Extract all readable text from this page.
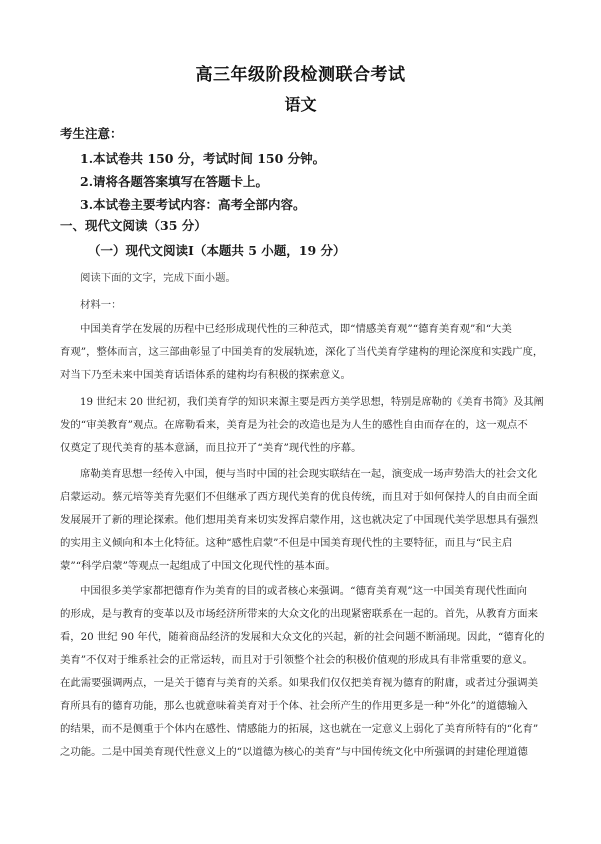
高三年级阶段检测联合考试
语文
考生注意：
1.本试卷共 150 分，考试时间 150 分钟。
2.请将各题答案填写在答题卡上。
3.本试卷主要考试内容：高考全部内容。
一、现代文阅读（35 分）
（一）现代文阅读Ⅰ（本题共 5 小题，19 分）
阅读下面的文字，完成下面小题。
材料一：
中国美育学在发展的历程中已经形成现代性的三种范式，即“情感美育观”“德育美育观”和“大美
育观”，整体而言，这三部曲彰显了中国美育的发展轨迹，深化了当代美育学建构的理论深度和实践广度，
对当下乃至未来中国美育话语体系的建构均有积极的探索意义。
19 世纪末 20 世纪初，我们美育学的知识来源主要是西方美学思想，特别是席勒的《美育书简》及其阐
发的“审美教育”观点。在席勒看来，美育是为社会的改造也是为人生的感性自由而存在的，这一观点不
仅奠定了现代美育的基本意涵，而且拉开了“美育”现代性的序幕。
席勒美育思想一经传入中国，便与当时中国的社会现实联结在一起，演变成一场声势浩大的社会文化
启蒙运动。蔡元培等美育先驱们不但继承了西方现代美育的优良传统，而且对于如何保持人的自由而全面
发展展开了新的理论探索。他们想用美育来切实发挥启蒙作用，这也就决定了中国现代美学思想具有强烈
的实用主义倾向和本土化特征。这种“感性启蒙”不但是中国美育现代性的主要特征，而且与“民主启
蒙”“科学启蒙”等观点一起组成了中国文化现代性的基本面。
中国很多美学家都把德育作为美育的目的或者核心来强调。“德育美育观”这一中国美育现代性面向
的形成，是与教育的变革以及市场经济所带来的大众文化的出现紧密联系在一起的。首先，从教育方面来
看，20 世纪 90 年代，随着商品经济的发展和大众文化的兴起，新的社会问题不断涌现。因此，“德育化的
美育”不仅对于维系社会的正常运转，而且对于引领整个社会的积极价值观的形成具有非常重要的意义。
在此需要强调两点，一是关于德育与美育的关系。如果我们仅仅把美育视为德育的附庸，或者过分强调美
育所具有的德育功能，那么也就意味着美育对于个体、社会所产生的作用更多是一种“外化”的道德输入
的结果，而不是侧重于个体内在感性、情感能力的拓展，这也就在一定意义上弱化了美育所特有的“化育”
之功能。二是中国美育现代性意义上的“以道德为核心的美育”与中国传统文化中所强调的封建伦理道德
